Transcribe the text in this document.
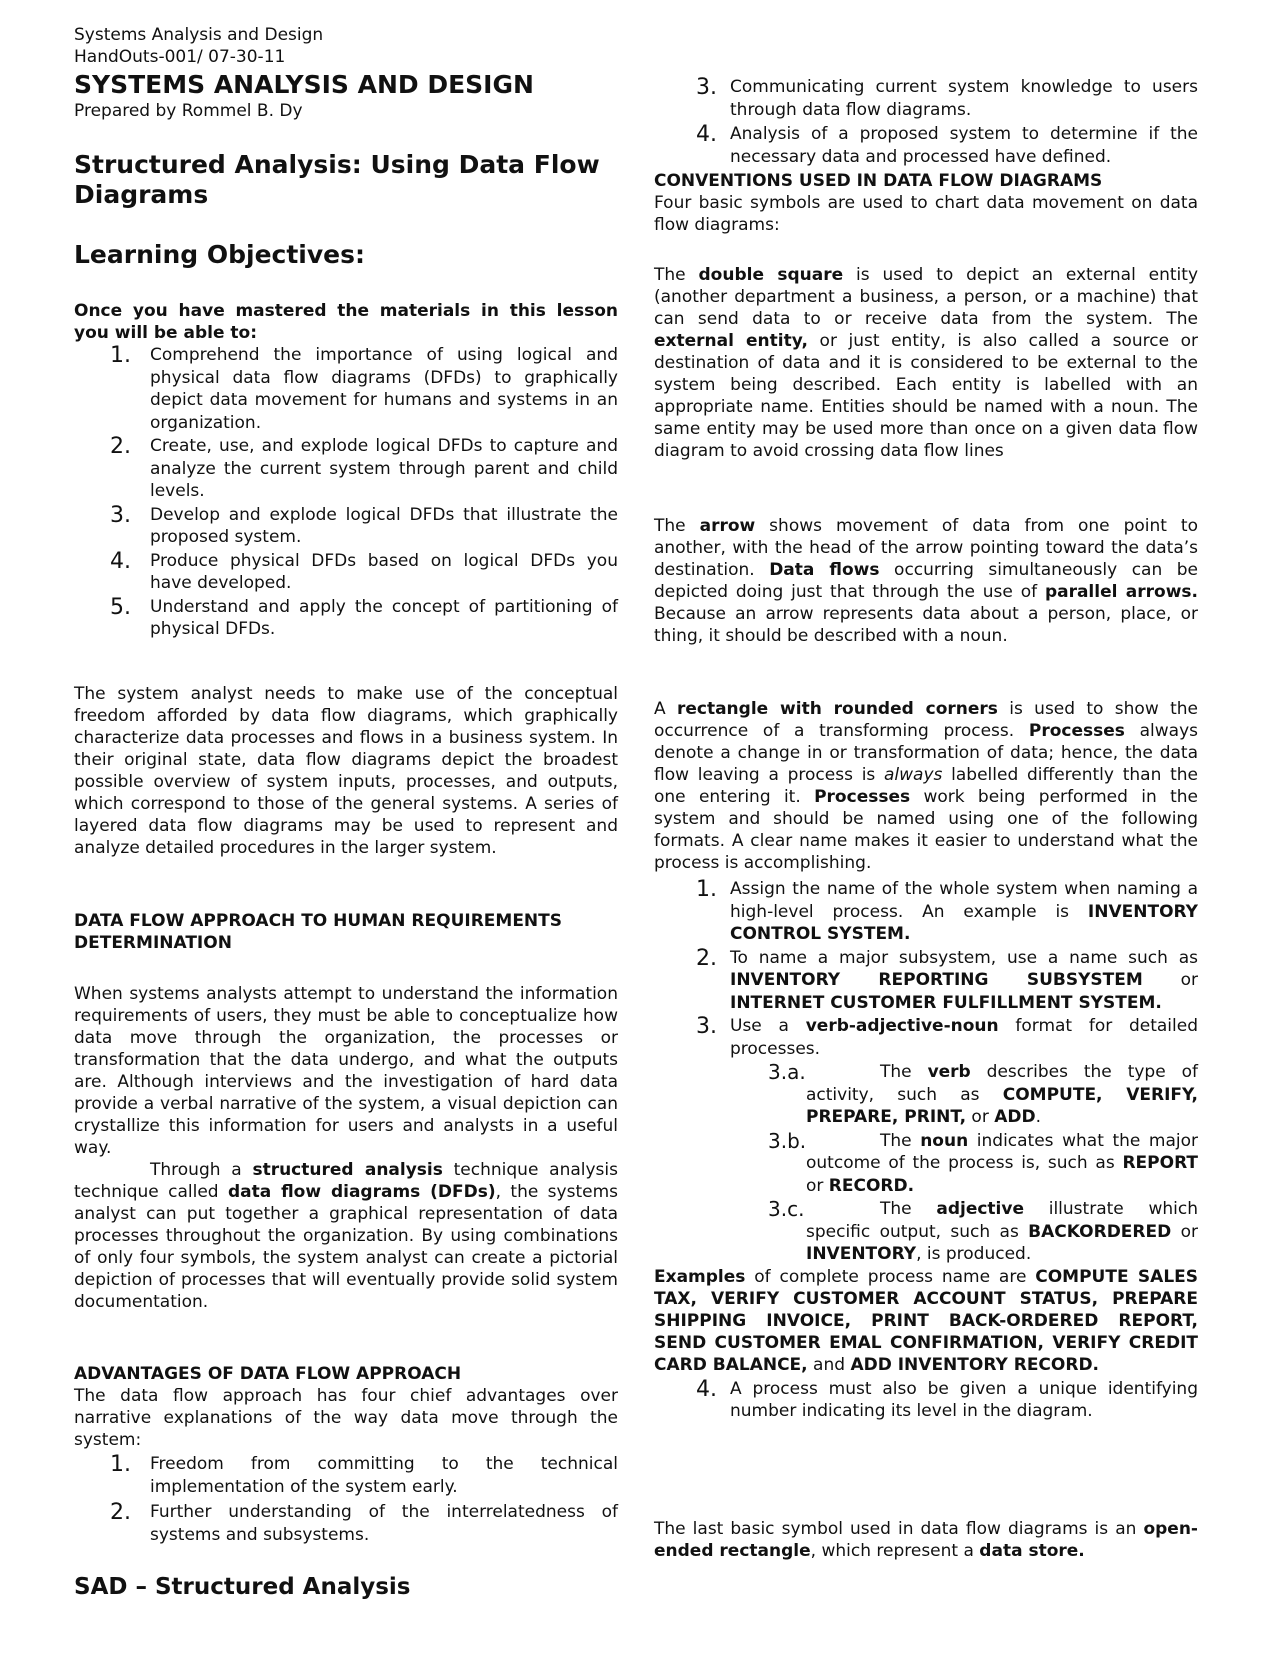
Systems Analysis and Design
HandOuts-001/ 07-30-11
SYSTEMS ANALYSIS AND DESIGN
Prepared by Rommel B. Dy
Structured Analysis: Using Data Flow Diagrams
Learning Objectives:
Once you have mastered the materials in this lesson you will be able to:
1. Comprehend the importance of using logical and physical data flow diagrams (DFDs) to graphically depict data movement for humans and systems in an organization.
2. Create, use, and explode logical DFDs to capture and analyze the current system through parent and child levels.
3. Develop and explode logical DFDs that illustrate the proposed system.
4. Produce physical DFDs based on logical DFDs you have developed.
5. Understand and apply the concept of partitioning of physical DFDs.
The system analyst needs to make use of the conceptual freedom afforded by data flow diagrams, which graphically characterize data processes and flows in a business system. In their original state, data flow diagrams depict the broadest possible overview of system inputs, processes, and outputs, which correspond to those of the general systems. A series of layered data flow diagrams may be used to represent and analyze detailed procedures in the larger system.
DATA FLOW APPROACH TO HUMAN REQUIREMENTS DETERMINATION
When systems analysts attempt to understand the information requirements of users, they must be able to conceptualize how data move through the organization, the processes or transformation that the data undergo, and what the outputs are. Although interviews and the investigation of hard data provide a verbal narrative of the system, a visual depiction can crystallize this information for users and analysts in a useful way.
Through a structured analysis technique analysis technique called data flow diagrams (DFDs), the systems analyst can put together a graphical representation of data processes throughout the organization. By using combinations of only four symbols, the system analyst can create a pictorial depiction of processes that will eventually provide solid system documentation.
ADVANTAGES OF DATA FLOW APPROACH
The data flow approach has four chief advantages over narrative explanations of the way data move through the system:
1. Freedom from committing to the technical implementation of the system early.
2. Further understanding of the interrelatedness of systems and subsystems.
SAD – Structured Analysis
3. Communicating current system knowledge to users through data flow diagrams.
4. Analysis of a proposed system to determine if the necessary data and processed have defined.
CONVENTIONS USED IN DATA FLOW DIAGRAMS
Four basic symbols are used to chart data movement on data flow diagrams:
The double square is used to depict an external entity (another department a business, a person, or a machine) that can send data to or receive data from the system. The external entity, or just entity, is also called a source or destination of data and it is considered to be external to the system being described. Each entity is labelled with an appropriate name. Entities should be named with a noun. The same entity may be used more than once on a given data flow diagram to avoid crossing data flow lines
The arrow shows movement of data from one point to another, with the head of the arrow pointing toward the data’s destination. Data flows occurring simultaneously can be depicted doing just that through the use of parallel arrows. Because an arrow represents data about a person, place, or thing, it should be described with a noun.
A rectangle with rounded corners is used to show the occurrence of a transforming process. Processes always denote a change in or transformation of data; hence, the data flow leaving a process is always labelled differently than the one entering it. Processes work being performed in the system and should be named using one of the following formats. A clear name makes it easier to understand what the process is accomplishing.
1. Assign the name of the whole system when naming a high-level process. An example is INVENTORY CONTROL SYSTEM.
2. To name a major subsystem, use a name such as INVENTORY REPORTING SUBSYSTEM or INTERNET CUSTOMER FULFILLMENT SYSTEM.
3. Use a verb-adjective-noun format for detailed processes.
3.a.	The verb describes the type of activity, such as COMPUTE, VERIFY, PREPARE, PRINT, or ADD.
3.b.	The noun indicates what the major outcome of the process is, such as REPORT or RECORD.
3.c.	The adjective illustrate which specific output, such as BACKORDERED or INVENTORY, is produced.
Examples of complete process name are COMPUTE SALES TAX, VERIFY CUSTOMER ACCOUNT STATUS, PREPARE SHIPPING INVOICE, PRINT BACK-ORDERED REPORT, SEND CUSTOMER EMAL CONFIRMATION, VERIFY CREDIT CARD BALANCE, and ADD INVENTORY RECORD.
4. A process must also be given a unique identifying number indicating its level in the diagram.
The last basic symbol used in data flow diagrams is an open-ended rectangle, which represent a data store.
